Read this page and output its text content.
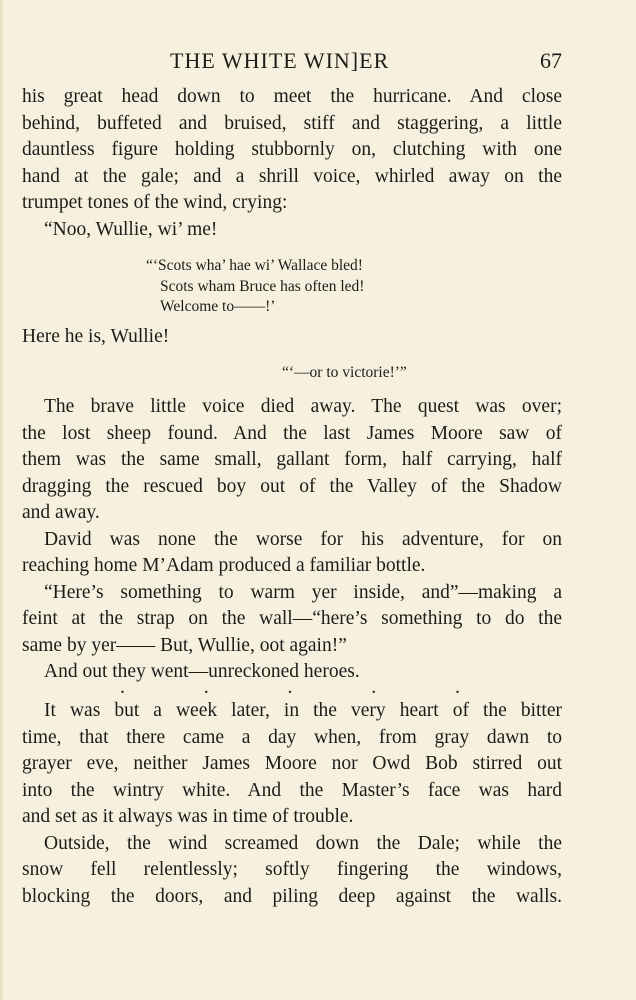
THE WHITE WIN]ER	67
his great head down to meet the hurricane. And close
behind, buffeted and bruised, stiff and staggering, a little
dauntless figure holding stubbornly on, clutching with one
hand at the gale; and a shrill voice, whirled away on the
trumpet tones of the wind, crying:
“Noo, Wullie, wi’ me!
“‘Scots wha’ hae wi’ Wallace bled!
Scots wham Bruce has often led!
Welcome to——!’
Here he is, Wullie!
“‘—or to victorie!’”
The brave little voice died away. The quest was over;
the lost sheep found. And the last James Moore saw of
them was the same small, gallant form, half carrying, half
dragging the rescued boy out of the Valley of the Shadow
and away.
David was none the worse for his adventure, for on
reaching home M’Adam produced a familiar bottle.
“Here’s something to warm yer inside, and”—making a
feint at the strap on the wall—“here’s something to do the
same by yer—— But, Wullie, oot again!”
And out they went—unreckoned heroes.
.	.	.	.	.
It was but a week later, in the very heart of the bitter
time, that there came a day when, from gray dawn to
grayer eve, neither James Moore nor Owd Bob stirred out
into the wintry white. And the Master’s face was hard
and set as it always was in time of trouble.
Outside, the wind screamed down the Dale; while the
snow fell relentlessly; softly fingering the windows,
blocking the doors, and piling deep against the walls.
